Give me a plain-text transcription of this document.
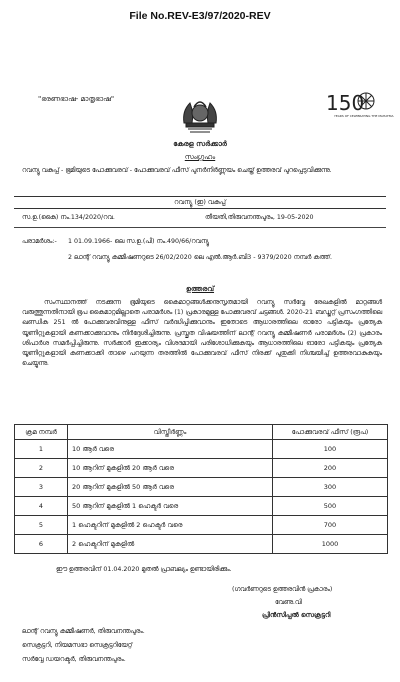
File No.REV-E3/97/2020-REV
"ഭരണഭാഷ- മാതൃഭാഷ"	150
YEARS OF CELEBRATING THE MAHATMA
കേരള സർക്കാർ
സംഗ്രഹം
റവന്യൂ വകുപ്പ് - ഭൂമിയുടെ പോക്കുവരവ് - പോക്കുവരവ് ഫീസ് പുനർനിർണ്ണയം ചെയ്ത് ഉത്തരവ് പുറപ്പെടുവിക്കുന്നു.
റവന്യൂ (ഇ) വകുപ്പ്
സ.ഉ.(കൈ) നം.134/2020/റവ.	തീയതി,തിരുവനന്തപുരം, 19-05-2020
പരാമർശം:- 1 01.09.1966- ലെ സ.ഉ.(പി) നം.490/66/റവന്യൂ
2 ലാന്റ് റവന്യൂ കമ്മീഷണറുടെ 26/02/2020 ലെ എൽ.ആർ.ബി3 - 9379/2020 നമ്പർ കത്ത്.
ഉത്തരവ്
സംസ്ഥാനത്ത് നടക്കുന്ന ഭൂമിയുടെ കൈമാറ്റങ്ങൾക്കനുസൃതമായി റവന്യൂ സർവ്വേ രേഖകളിൽ മാറ്റങ്ങൾ വരുത്തുന്നതിനായി ഭൂപ കൈമാറ്റമില്ലാതെ പരാമർശം (1) പ്രകാരമുള്ള പോക്കുവരവ് ചട്ടങ്ങൾ. 2020-21 ബഡ്ജറ്റ് പ്രസംഗത്തിലെ ഖണ്ഡിക 251 ൽ പോക്കുവരവിനുള്ള ഫീസ് വർദ്ധിപ്പിക്കുവാനും ഇതോടെ ആധാരത്തിലെ ഓരോ പട്ടികയും പ്രത്യേക യൂണിറ്റുകളായി കണക്കാക്കുവാനും നിർദ്ദേശിച്ചിരുന്നു. പ്രസ്തുത വിഷയത്തിന് ലാന്റ് റവന്യൂ കമ്മീഷണർ പരാമർശം (2) പ്രകാരം ശിപാർശ സമർപ്പിച്ചിരുന്നു. സർക്കാർ ഇക്കാര്യം വിശദമായി പരിശോധിക്കുകയും ആധാരത്തിലെ ഓരോ പട്ടികയും പ്രത്യേക യൂണിറ്റുകളായി കണക്കാക്കി താഴെ പറയുന്ന തരത്തിൽ പോക്കുവരവ് ഫീസ് നിരക്ക് പുതുക്കി നിശ്ചയിച്ച് ഉത്തരവാകുകയും ചെയ്യുന്നു.
ക്രമ നമ്പർ	വിസ്തീർണ്ണം	പോക്കുവരവ് ഫീസ് (രൂപ)
1	10 ആർ വരെ	100
2	10 ആറിന് മുകളിൽ 20 ആർ വരെ	200
3	20 ആറിന് മുകളിൽ 50 ആർ വരെ	300
4	50 ആറിന് മുകളിൽ 1 ഹെക്ടർ വരെ	500
5	1 ഹെക്ടറിന് മുകളിൽ 2 ഹെക്ടർ വരെ	700
6	2 ഹെക്ടറിന് മുകളിൽ	1000
ഈ ഉത്തരവിന് 01.04.2020 മുതൽ പ്രാബല്യം ഉണ്ടായിരിക്കും.
(ഗവർണറുടെ ഉത്തരവിൻ പ്രകാരം)
വേണു.വി
പ്രിൻസിപ്പൽ സെക്രട്ടറി
ലാന്റ് റവന്യൂ കമ്മീഷണർ, തിരുവനന്തപുരം.
സെക്രട്ടറി, നിയമസഭാ സെക്രട്ടറിയേറ്റ്
സർവ്വേ ഡയറക്ടർ, തിരുവനന്തപുരം.
